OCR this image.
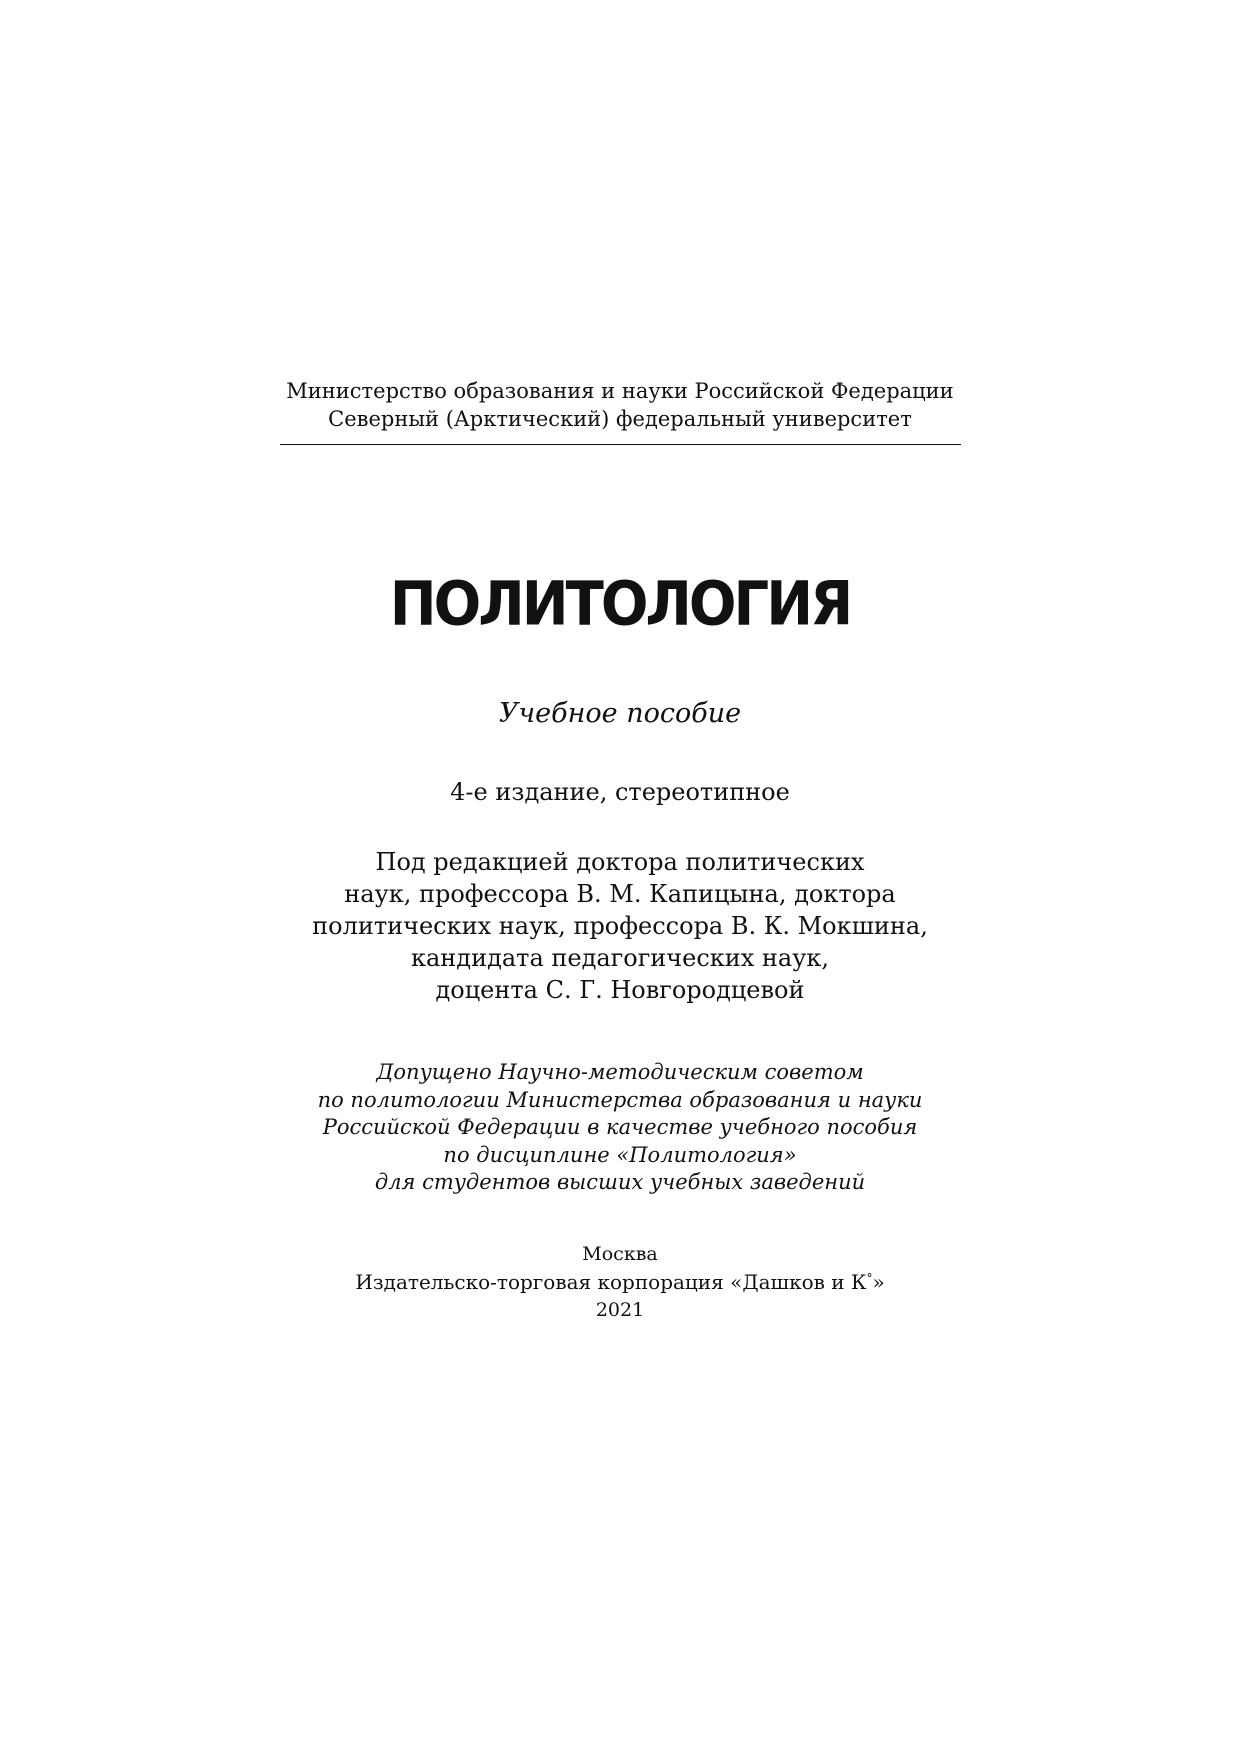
Министерство образования и науки Российской Федерации
Северный (Арктический) федеральный университет
ПОЛИТОЛОГИЯ
Учебное пособие
4-е издание, стереотипное
Под редакцией доктора политических
наук, профессора В. М. Капицына, доктора
политических наук, профессора В. К. Мокшина,
кандидата педагогических наук,
доцента С. Г. Новгородцевой
Допущено Научно-методическим советом
по политологии Министерства образования и науки
Российской Федерации в качестве учебного пособия
по дисциплине «Политология»
для студентов высших учебных заведений
Москва
Издательско-торговая корпорация «Дашков и К°»
2021
